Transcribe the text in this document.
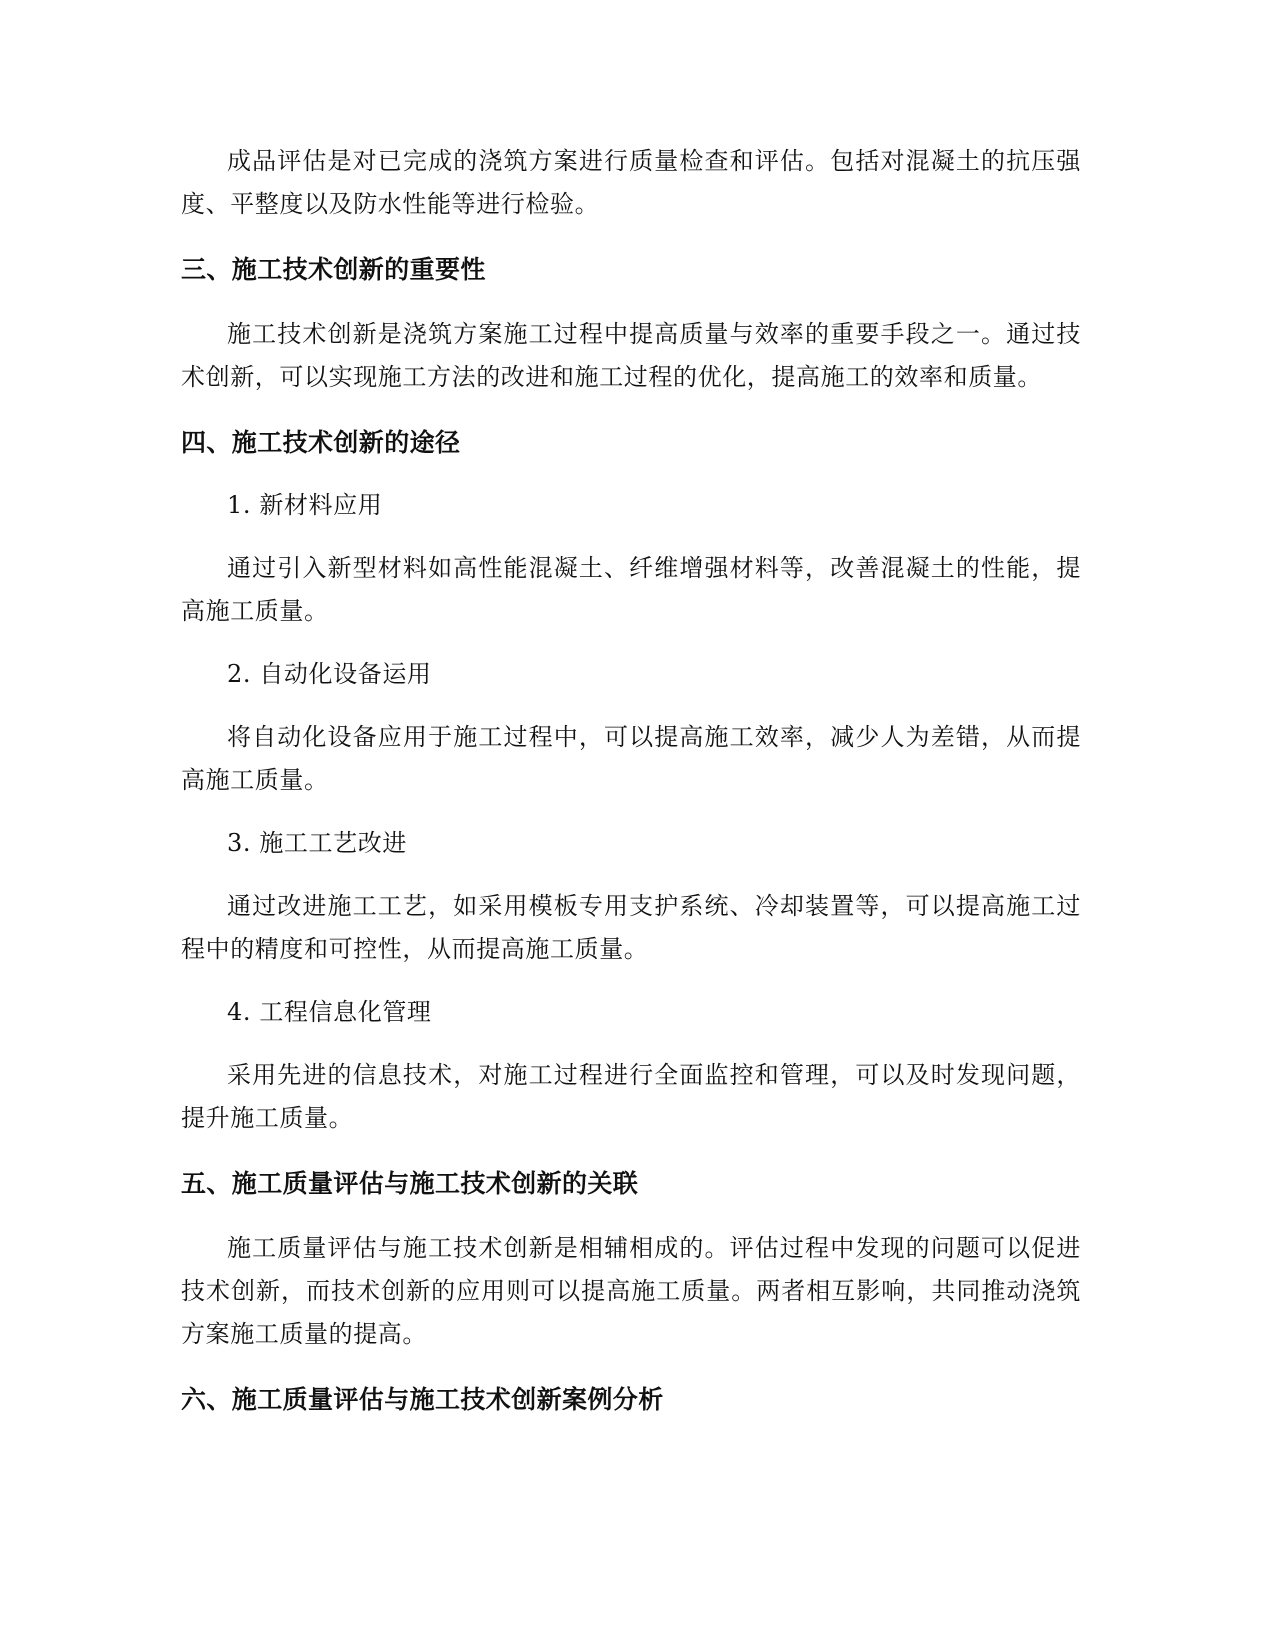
成品评估是对已完成的浇筑方案进行质量检查和评估。包括对混凝土的抗压强度、平整度以及防水性能等进行检验。

三、施工技术创新的重要性

施工技术创新是浇筑方案施工过程中提高质量与效率的重要手段之一。通过技术创新，可以实现施工方法的改进和施工过程的优化，提高施工的效率和质量。

四、施工技术创新的途径

1. 新材料应用

通过引入新型材料如高性能混凝土、纤维增强材料等，改善混凝土的性能，提高施工质量。

2. 自动化设备运用

将自动化设备应用于施工过程中，可以提高施工效率，减少人为差错，从而提高施工质量。

3. 施工工艺改进

通过改进施工工艺，如采用模板专用支护系统、冷却装置等，可以提高施工过程中的精度和可控性，从而提高施工质量。

4. 工程信息化管理

采用先进的信息技术，对施工过程进行全面监控和管理，可以及时发现问题，提升施工质量。

五、施工质量评估与施工技术创新的关联

施工质量评估与施工技术创新是相辅相成的。评估过程中发现的问题可以促进技术创新，而技术创新的应用则可以提高施工质量。两者相互影响，共同推动浇筑方案施工质量的提高。

六、施工质量评估与施工技术创新案例分析
